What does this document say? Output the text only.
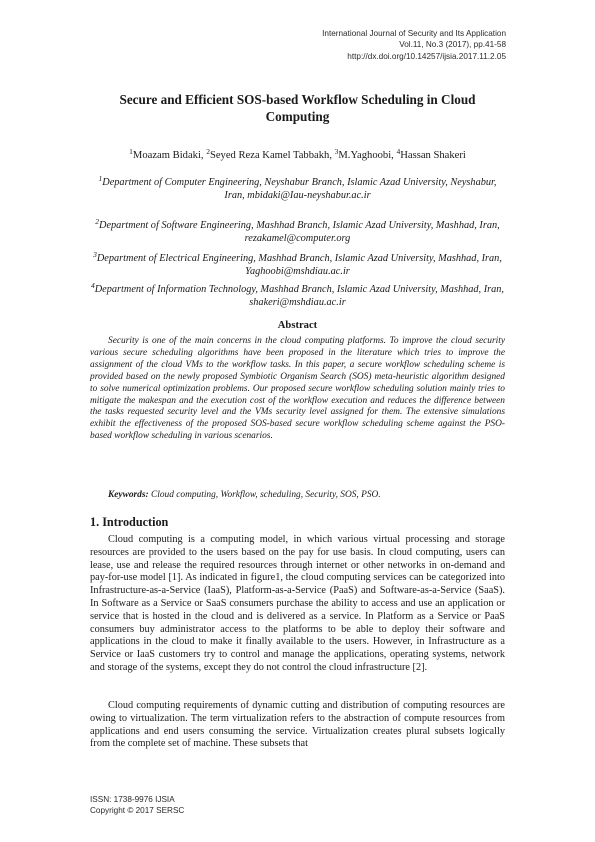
International Journal of Security and Its Application
Vol.11, No.3 (2017), pp.41-58
http://dx.doi.org/10.14257/ijsia.2017.11.2.05
Secure and Efficient SOS-based Workflow Scheduling in Cloud Computing
$^1$Moazam Bidaki, $^2$Seyed Reza Kamel Tabbakh, $^3$M.Yaghoobi, $^4$Hassan Shakeri
$^1$Department of Computer Engineering, Neyshabur Branch, Islamic Azad University, Neyshabur, Iran, mbidaki@Iau-neyshabur.ac.ir
$^2$Department of Software Engineering, Mashhad Branch, Islamic Azad University, Mashhad, Iran, rezakamel@computer.org
$^3$Department of Electrical Engineering, Mashhad Branch, Islamic Azad University, Mashhad, Iran, Yaghoobi@mshdiau.ac.ir
$^4$Department of Information Technology, Mashhad Branch, Islamic Azad University, Mashhad, Iran, shakeri@mshdiau.ac.ir
Abstract
Security is one of the main concerns in the cloud computing platforms. To improve the cloud security various secure scheduling algorithms have been proposed in the literature which tries to improve the assignment of the cloud VMs to the workflow tasks. In this paper, a secure workflow scheduling scheme is provided based on the newly proposed Symbiotic Organism Search (SOS) meta-heuristic algorithm designed to solve numerical optimization problems. Our proposed secure workflow scheduling solution mainly tries to mitigate the makespan and the execution cost of the workflow execution and reduces the difference between the tasks requested security level and the VMs security level assigned for them. The extensive simulations exhibit the effectiveness of the proposed SOS-based secure workflow scheduling scheme against the PSO-based workflow scheduling in various scenarios.
Keywords: Cloud computing, Workflow, scheduling, Security, SOS, PSO.
1. Introduction
Cloud computing is a computing model, in which various virtual processing and storage resources are provided to the users based on the pay for use basis. In cloud computing, users can lease, use and release the required resources through internet or other networks in on-demand and pay-for-use model [1]. As indicated in figure1, the cloud computing services can be categorized into Infrastructure-as-a-Service (IaaS), Platform-as-a-Service (PaaS) and Software-as-a-Service (SaaS). In Software as a Service or SaaS consumers purchase the ability to access and use an application or service that is hosted in the cloud and is delivered as a service. In Platform as a Service or PaaS consumers buy administrator access to the platforms to be able to deploy their software and applications in the cloud to make it finally available to the users. However, in Infrastructure as a Service or IaaS customers try to control and manage the applications, operating systems, network and storage of the systems, except they do not control the cloud infrastructure [2].
Cloud computing requirements of dynamic cutting and distribution of computing resources are owing to virtualization. The term virtualization refers to the abstraction of compute resources from applications and end users consuming the service. Virtualization creates plural subsets logically from the complete set of machine. These subsets that
ISSN: 1738-9976 IJSIA
Copyright © 2017 SERSC
